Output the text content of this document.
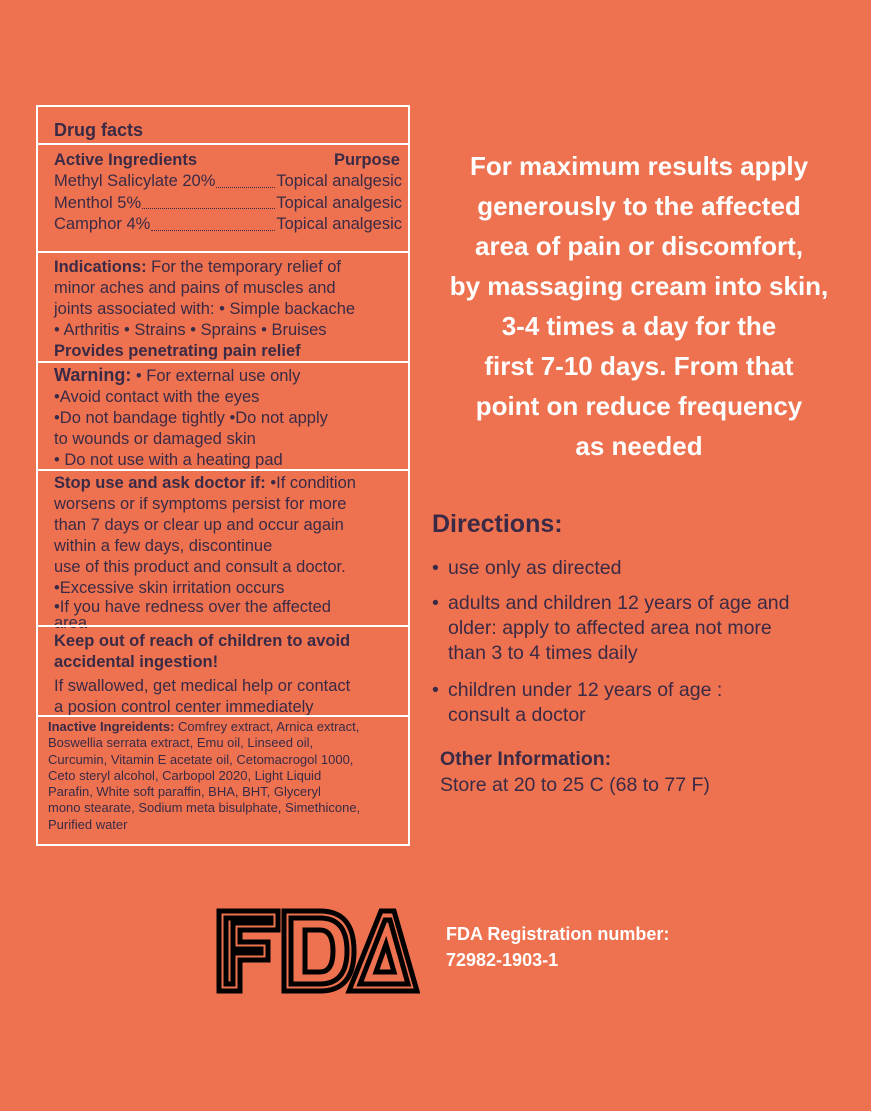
Drug facts
Active Ingredients	Purpose
Methyl Salicylate 20%	Topical analgesic
Menthol 5%	Topical analgesic
Camphor 4%	Topical analgesic
Indications: For the temporary relief of
minor aches and pains of muscles and
joints associated with: • Simple backache
• Arthritis • Strains • Sprains • Bruises
Provides penetrating pain relief
Warning: • For external use only
•Avoid contact with the eyes
•Do not bandage tightly •Do not apply
to wounds or damaged skin
• Do not use with a heating pad
Stop use and ask doctor if: •If condition
worsens or if symptoms persist for more
than 7 days or clear up and occur again
within a few days, discontinue
use of this product and consult a doctor.
•Excessive skin irritation occurs
•If you have redness over the affected
area
Keep out of reach of children to avoid
accidental ingestion!
If swallowed, get medical help or contact
a posion control center immediately
Inactive Ingreidents: Comfrey extract, Arnica extract,
Boswellia serrata extract, Emu oil, Linseed oil,
Curcumin, Vitamin E acetate oil, Cetomacrogol 1000,
Ceto steryl alcohol, Carbopol 2020, Light Liquid
Parafin, White soft paraffin, BHA, BHT, Glyceryl
mono stearate, Sodium meta bisulphate, Simethicone,
Purified water
For maximum results apply
generously to the affected
area of pain or discomfort,
by massaging cream into skin,
3-4 times a day for the
first 7-10 days. From that
point on reduce frequency
as needed
Directions:
• use only as directed
• adults and children 12 years of age and
older: apply to affected area not more
than 3 to 4 times daily
• children under 12 years of age :
consult a doctor
Other Information:
Store at 20 to 25 C (68 to 77 F)
FDA Registration number:
72982-1903-1
